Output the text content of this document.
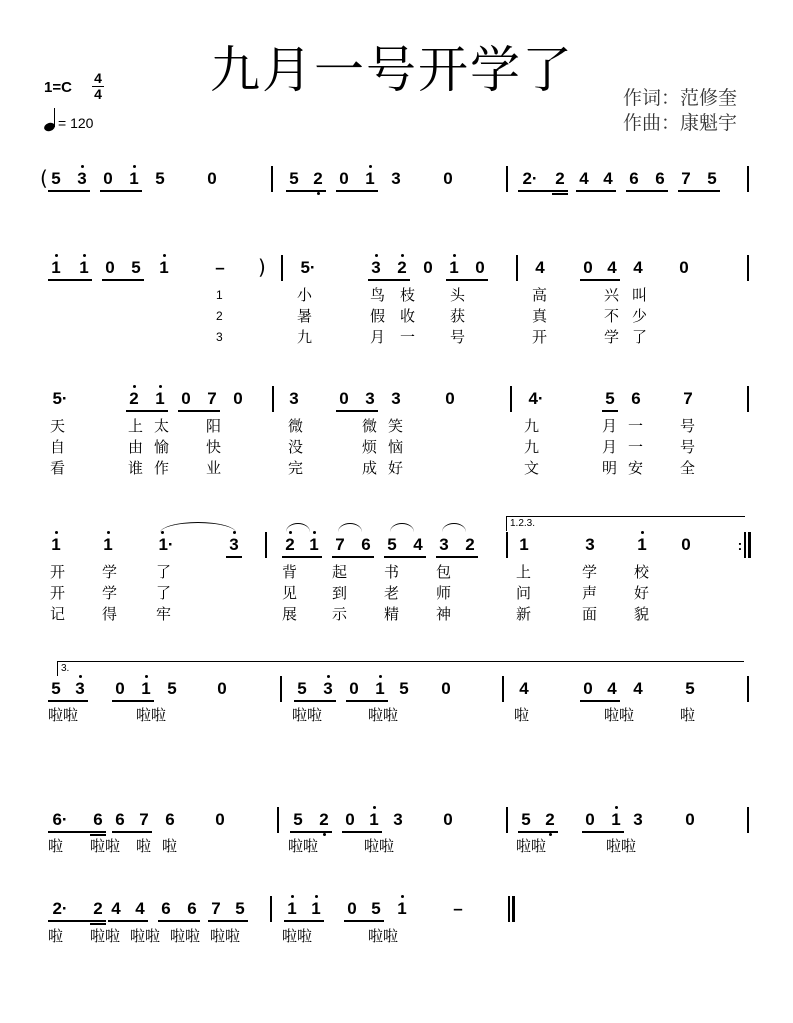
九月一号开学了
1=C
4
4
= 120
作词：范修奎
作曲：康魁宇
( 5 3 0 1 5	0	5 2 0 1 3	0	2· 2 4 4 6 6 7 5
1 1 0 5 1	– ) 5·	3 2 0 1 0	4 0 4 4 0
1
2
3
小	鸟 枝 头	高	兴 叫
暑	假 收 获	真	不 少
九	月 一 号	开	学 了
5·	2 1 0 7 0	3 0 3 3	0	4·	5 6	7
天	上 太 阳	微	微 笑	九	月 一 号
自	由 愉 快	没	烦 恼	九	月 一 号
看	谁 作 业	完	成 好	文	明 安 全
1.2.3.
1	1	1·	3	2 1 7 6 5 4 3 2	1	3	1 0	:
开 学	了	背 起 书 包	上	学 校
开 学	了	见 到 老 师	问	声 好
记 得	牢	展 示 精 神	新	面 貌
3.
5 3 0 1 5 0	5 3 0 1 5 0	4	0 4 4	5
啦啦	啦啦	啦啦	啦啦	啦	啦啦	啦
6· 6 6 7 6 0	5 2 0 1 3 0	5 2 0 1 3	0
啦 啦啦 啦 啦	啦啦	啦啦	啦啦	啦啦
2· 2 4 4 6 6 7 5	1 1 0 5 1	–
啦 啦啦 啦啦 啦啦 啦啦	啦啦	啦啦
